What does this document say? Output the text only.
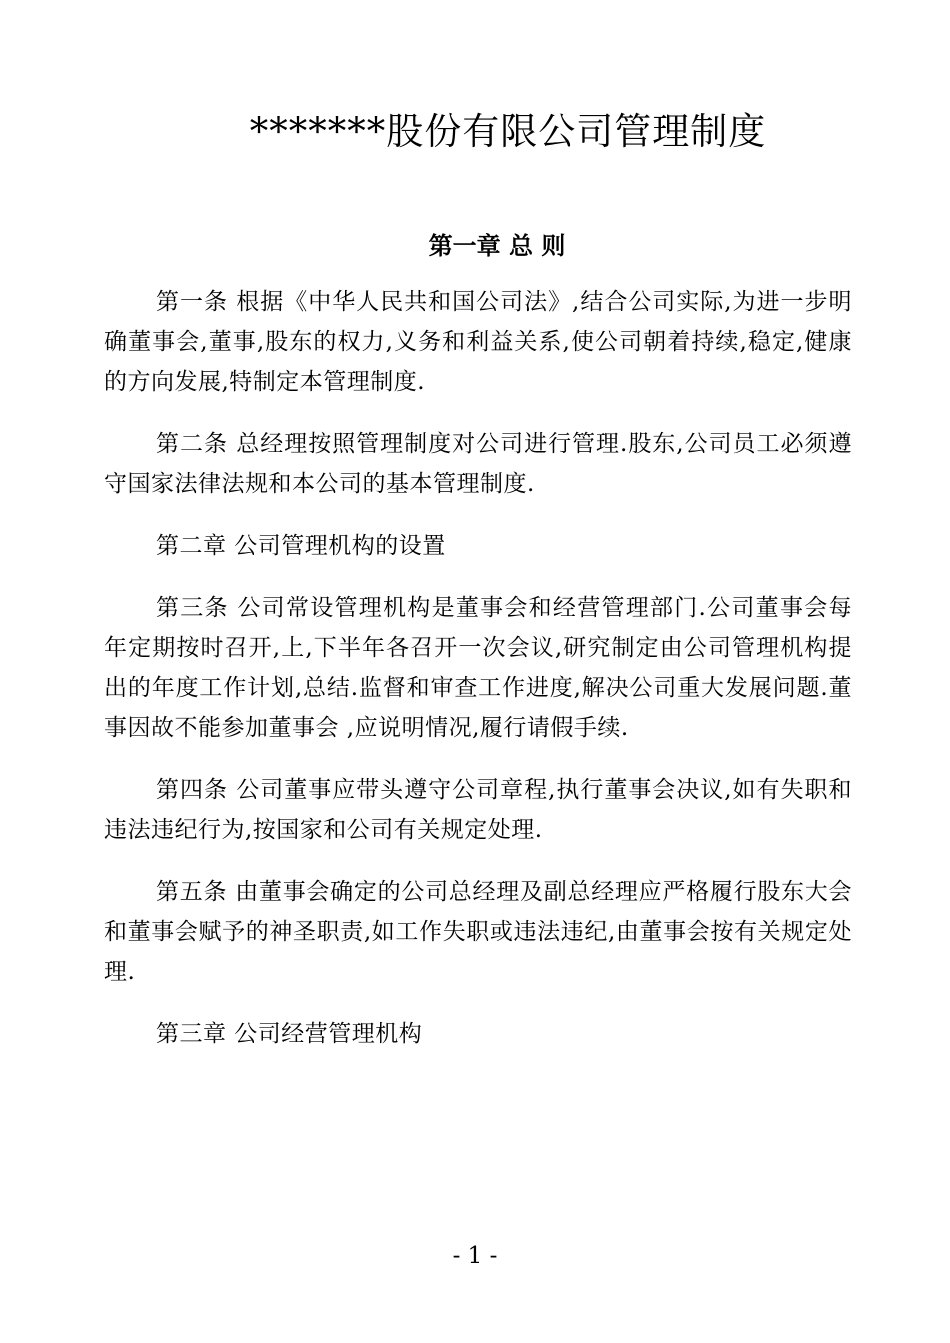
*******股份有限公司管理制度
第一章 总 则

第一条 根据《中华人民共和国公司法》,结合公司实际,为进一步明确董事会,董事,股东的权力,义务和利益关系,使公司朝着持续,稳定,健康的方向发展,特制定本管理制度.

第二条 总经理按照管理制度对公司进行管理.股东,公司员工必须遵守国家法律法规和本公司的基本管理制度.

第二章 公司管理机构的设置

第三条 公司常设管理机构是董事会和经营管理部门.公司董事会每年定期按时召开,上,下半年各召开一次会议,研究制定由公司管理机构提出的年度工作计划,总结.监督和审查工作进度,解决公司重大发展问题.董事因故不能参加董事会 ,应说明情况,履行请假手续.

第四条 公司董事应带头遵守公司章程,执行董事会决议,如有失职和违法违纪行为,按国家和公司有关规定处理.

第五条 由董事会确定的公司总经理及副总经理应严格履行股东大会和董事会赋予的神圣职责,如工作失职或违法违纪,由董事会按有关规定处理.

第三章 公司经营管理机构

- 1 -
